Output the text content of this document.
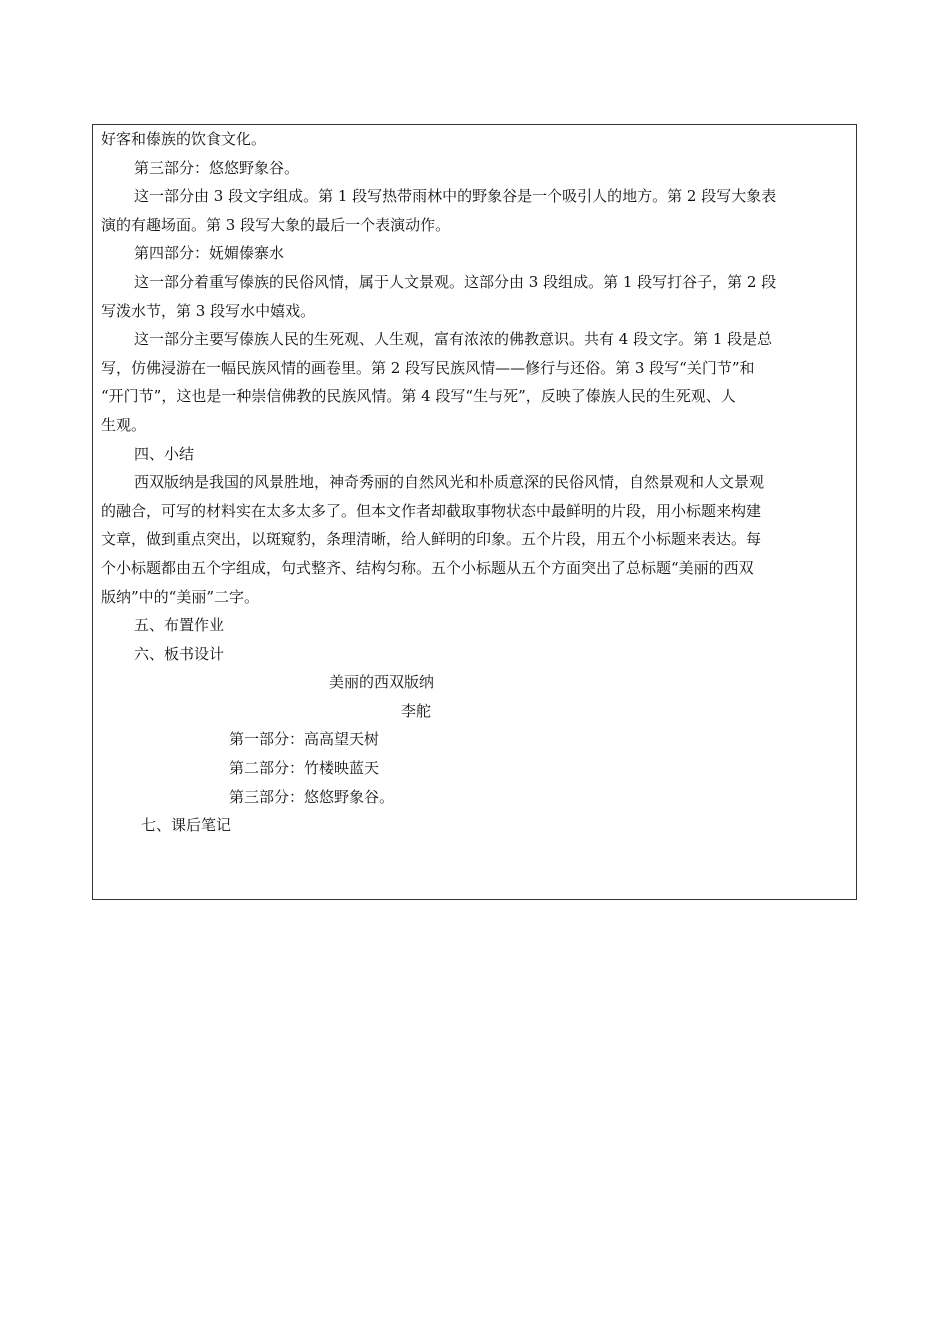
好客和傣族的饮食文化。
第三部分：悠悠野象谷。
这一部分由 3 段文字组成。第 1 段写热带雨林中的野象谷是一个吸引人的地方。第 2 段写大象表
演的有趣场面。第 3 段写大象的最后一个表演动作。
第四部分：妩媚傣寨水
这一部分着重写傣族的民俗风情，属于人文景观。这部分由 3 段组成。第 1 段写打谷子，第 2 段
写泼水节，第 3 段写水中嬉戏。
这一部分主要写傣族人民的生死观、人生观，富有浓浓的佛教意识。共有 4 段文字。第 1 段是总
写，仿佛浸游在一幅民族风情的画卷里。第 2 段写民族风情——修行与还俗。第 3 段写“关门节”和
“开门节”，这也是一种崇信佛教的民族风情。第 4 段写“生与死”，反映了傣族人民的生死观、人
生观。
四、小结
西双版纳是我国的风景胜地，神奇秀丽的自然风光和朴质意深的民俗风情，自然景观和人文景观
的融合，可写的材料实在太多太多了。但本文作者却截取事物状态中最鲜明的片段，用小标题来构建
文章，做到重点突出，以斑窥豹，条理清晰，给人鲜明的印象。五个片段，用五个小标题来表达。每
个小标题都由五个字组成，句式整齐、结构匀称。五个小标题从五个方面突出了总标题“美丽的西双
版纳”中的“美丽”二字。
五、布置作业
六、板书设计
美丽的西双版纳
李舵
第一部分：高高望天树
第二部分：竹楼映蓝天
第三部分：悠悠野象谷。
七、课后笔记
